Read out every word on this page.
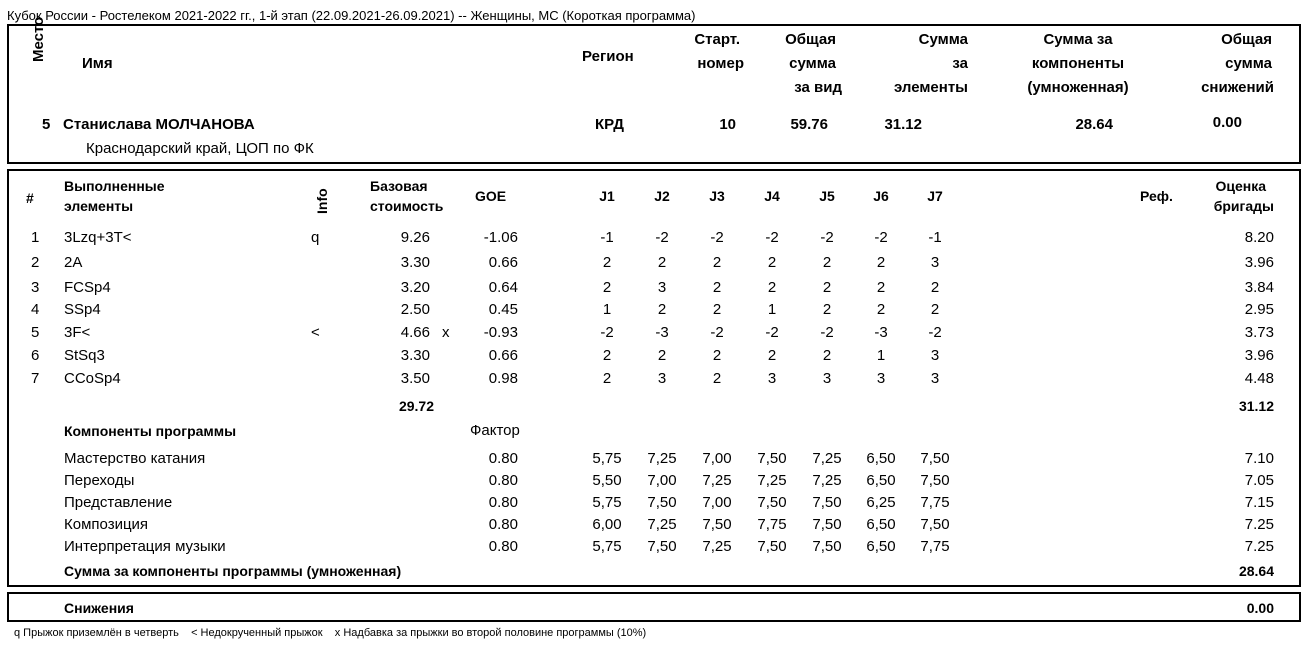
Кубок России - Ростелеком 2021-2022 гг., 1-й этап (22.09.2021-26.09.2021) -- Женщины, МС (Короткая программа)
Место
Имя	Регион
Старт.
номер
Общая
сумма
за вид
Сумма
за
элементы
Сумма за
компоненты
(умноженная)
Общая
сумма
снижений
5 Станислава МОЛЧАНОВА
Краснодарский край, ЦОП по ФК
КРД	10	59.76	31.12	28.64	0.00
#
Выполненные
элементы	Info
Базовая
стоимость
GOE	J1	J2	J3	J4	J5	J6	J7	Реф.
Оценка
бригады
1 3Lzq+3T<	q	9.26	-1.06	-1	-2	-2	-2	-2	-2	-1	8.20
2 2A	3.30	0.66	2	2	2	2	2	2	3	3.96
3 FCSp4	3.20	0.64	2	3	2	2	2	2	2	3.84
4 SSp4	2.50	0.45	1	2	2	1	2	2	2	2.95
5 3F<	<	4.66 x	-0.93	-2	-3	-2	-2	-2	-3	-2	3.73
6 StSq3	3.30	0.66	2	2	2	2	2	1	3	3.96
7 CCoSp4	3.50	0.98	2	3	2	3	3	3	3	4.48
29.72	31.12
Компоненты программы	Фактор
Мастерство катания	0.80	5,75	7,25	7,00	7,50	7,25	6,50	7,50	7.10
Переходы	0.80	5,50	7,00	7,25	7,25	7,25	6,50	7,50	7.05
Представление	0.80	5,75	7,50	7,00	7,50	7,50	6,25	7,75	7.15
Композиция	0.80	6,00	7,25	7,50	7,75	7,50	6,50	7,50	7.25
Интерпретация музыки	0.80	5,75	7,50	7,25	7,50	7,50	6,50	7,75	7.25
Сумма за компоненты программы (умноженная)	28.64
Снижения	0.00
q Прыжок приземлён в четверть    < Недокрученный прыжок    x Надбавка за прыжки во второй половине программы (10%)
